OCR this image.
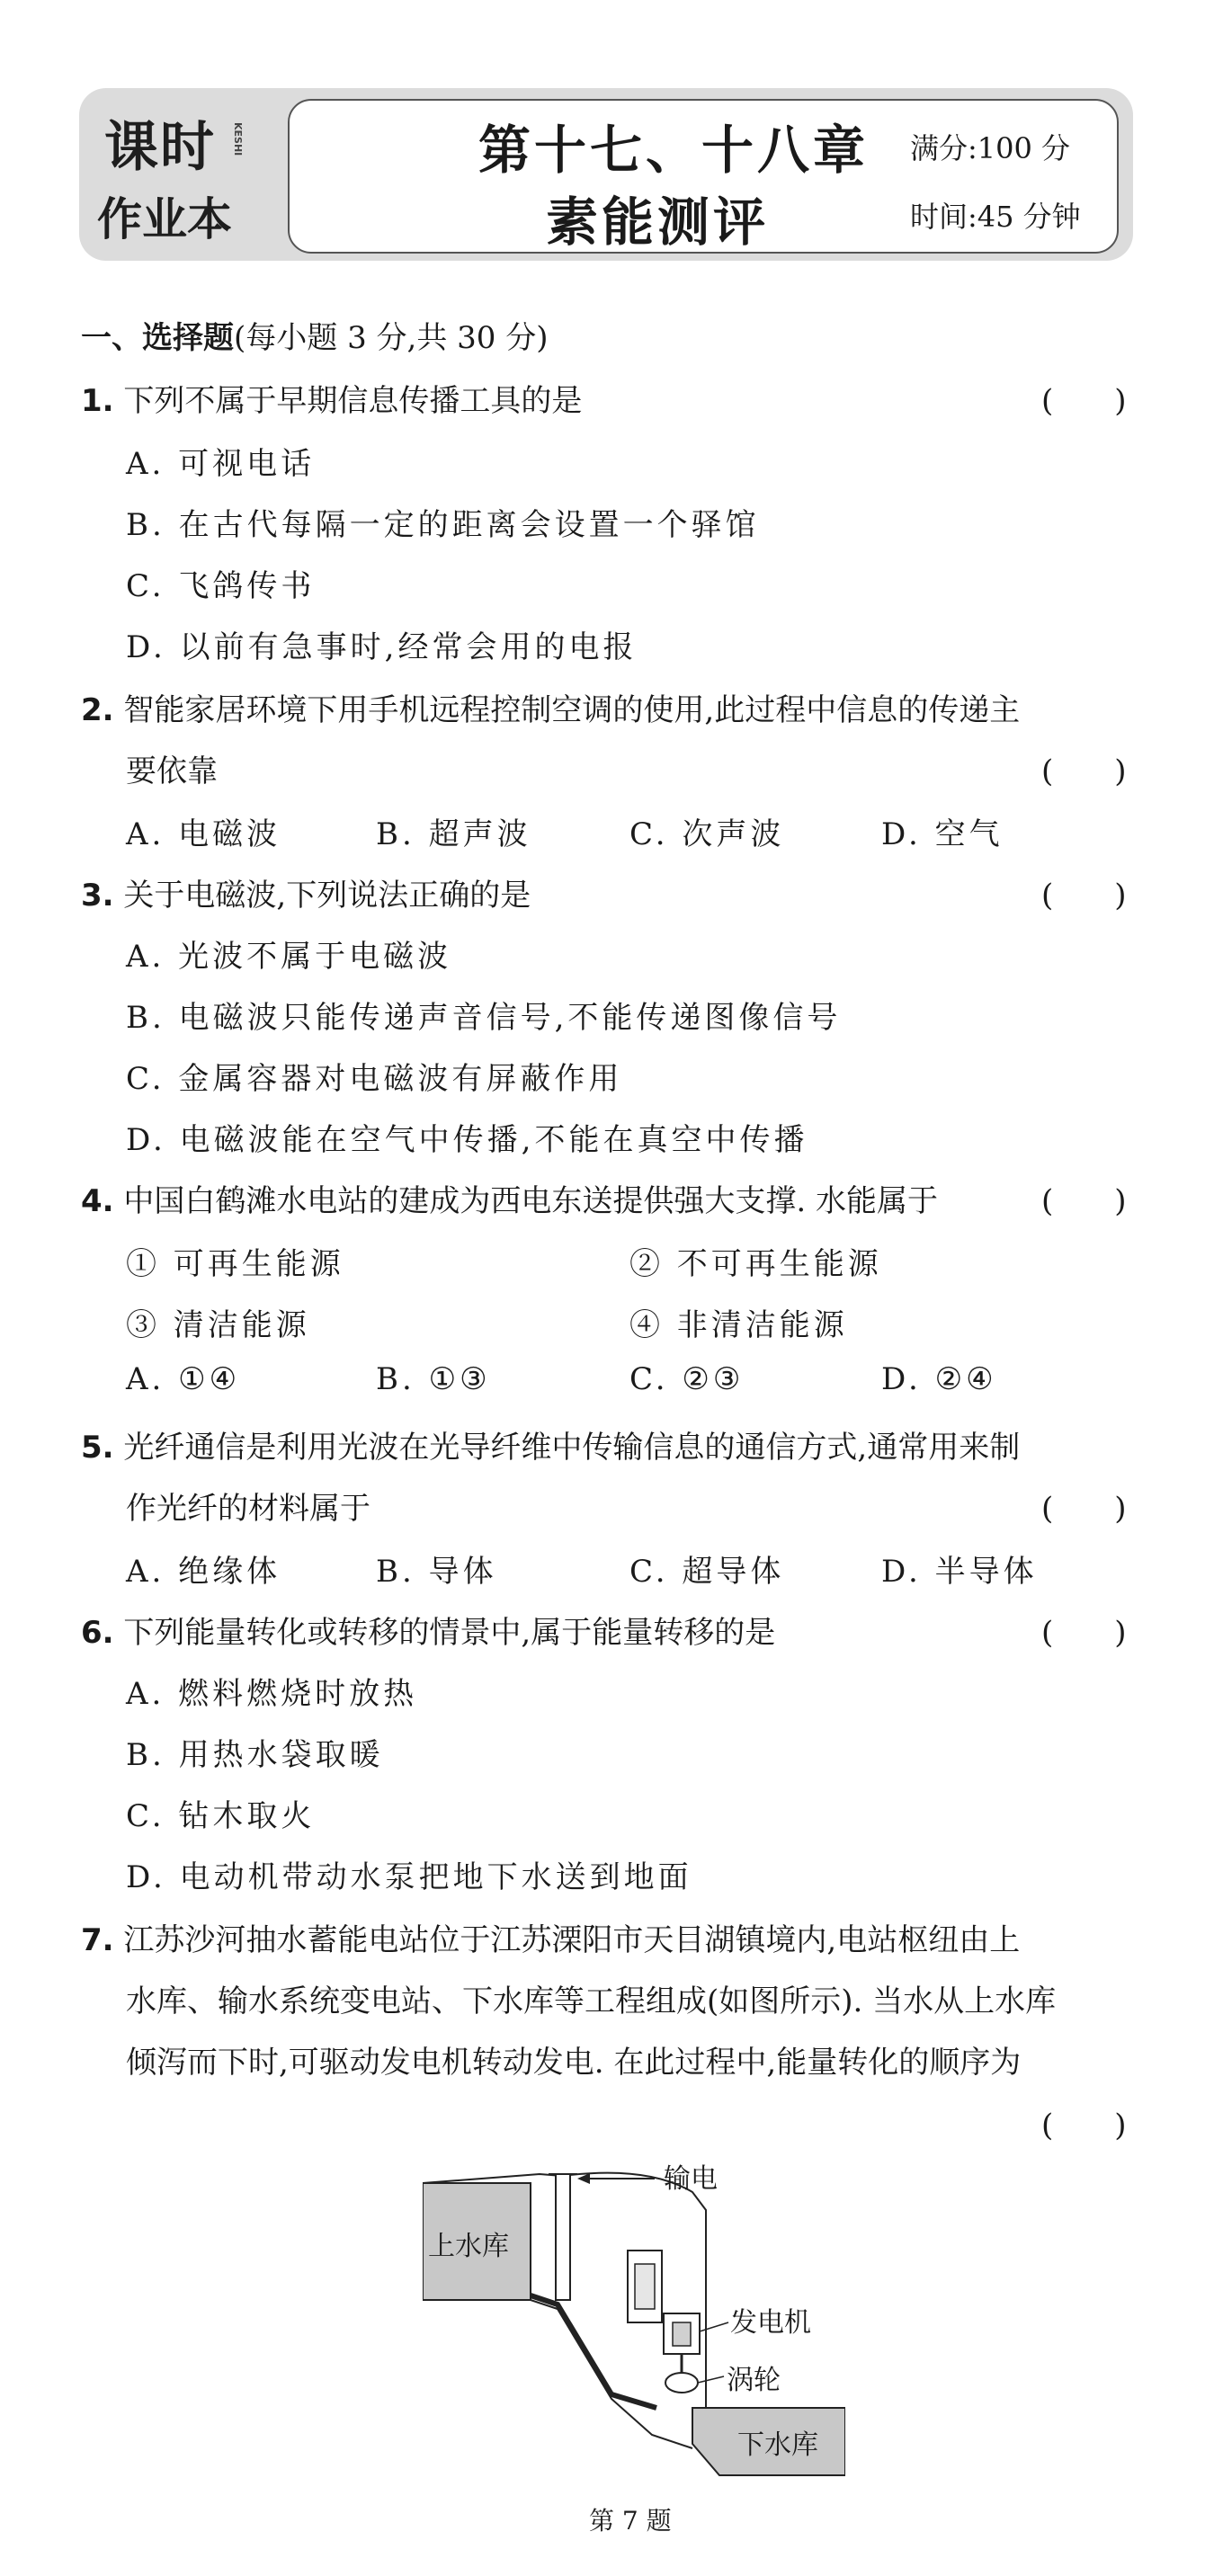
课时 KESHI
作业本
第十七、十八章
素能测评
满分:100 分
时间:45 分钟
一、选择题(每小题 3 分,共 30 分)
1. 下列不属于早期信息传播工具的是	(　　)
A. 可视电话
B. 在古代每隔一定的距离会设置一个驿馆
C. 飞鸽传书
D. 以前有急事时,经常会用的电报
2. 智能家居环境下用手机远程控制空调的使用,此过程中信息的传递主
要依靠	(　　)
A. 电磁波	B. 超声波	C. 次声波	D. 空气
3. 关于电磁波,下列说法正确的是	(　　)
A. 光波不属于电磁波
B. 电磁波只能传递声音信号,不能传递图像信号
C. 金属容器对电磁波有屏蔽作用
D. 电磁波能在空气中传播,不能在真空中传播
4. 中国白鹤滩水电站的建成为西电东送提供强大支撑. 水能属于	(　　)
① 可再生能源	② 不可再生能源
③ 清洁能源	④ 非清洁能源
A. ①④	B. ①③	C. ②③	D. ②④
5. 光纤通信是利用光波在光导纤维中传输信息的通信方式,通常用来制
作光纤的材料属于	(　　)
A. 绝缘体	B. 导体	C. 超导体	D. 半导体
6. 下列能量转化或转移的情景中,属于能量转移的是	(　　)
A. 燃料燃烧时放热
B. 用热水袋取暖
C. 钻木取火
D. 电动机带动水泵把地下水送到地面
7. 江苏沙河抽水蓄能电站位于江苏溧阳市天目湖镇境内,电站枢纽由上
水库、输水系统变电站、下水库等工程组成(如图所示). 当水从上水库
倾泻而下时,可驱动发电机转动发电. 在此过程中,能量转化的顺序为
(　　)
输电
上水库
发电机
涡轮
下水库
第 7 题
